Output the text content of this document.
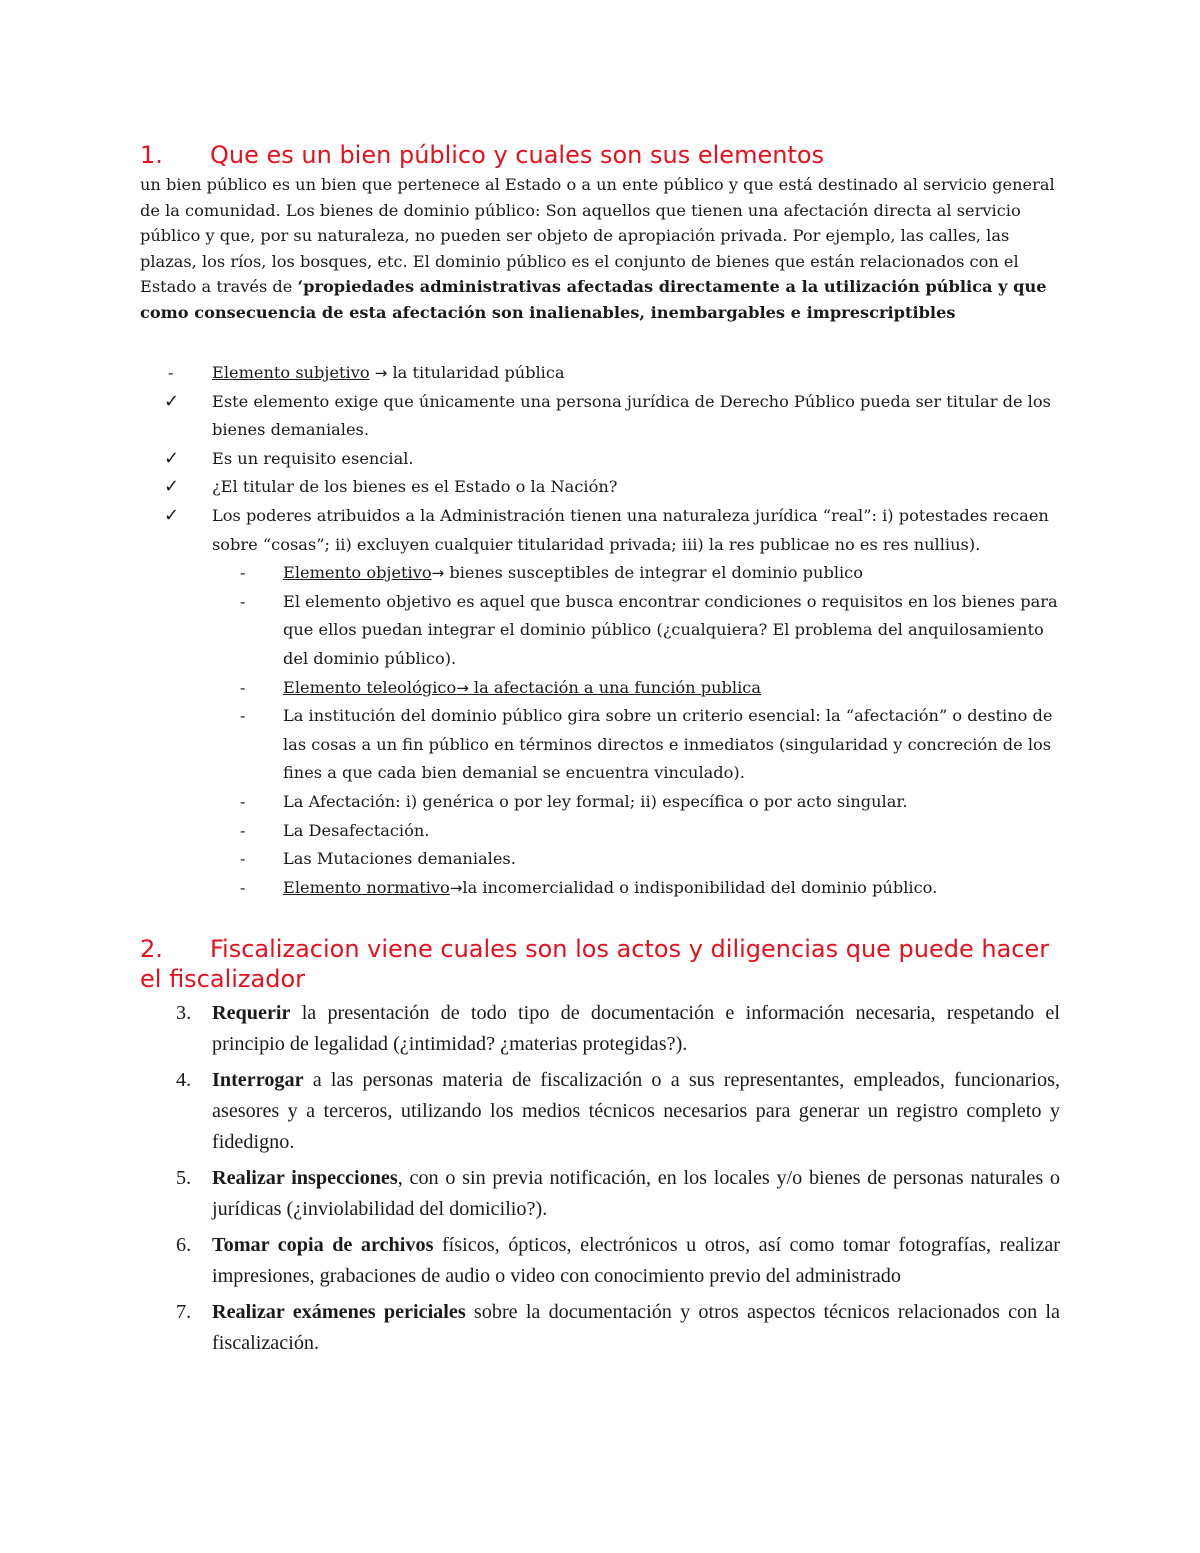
1. Que es un bien público y cuales son sus elementos

un bien público es un bien que pertenece al Estado o a un ente público y que está destinado al servicio general de la comunidad. Los bienes de dominio público: Son aquellos que tienen una afectación directa al servicio público y que, por su naturaleza, no pueden ser objeto de apropiación privada. Por ejemplo, las calles, las plazas, los ríos, los bosques, etc. El dominio público es el conjunto de bienes que están relacionados con el Estado a través de ‘propiedades administrativas afectadas directamente a la utilización pública y que como consecuencia de esta afectación son inalienables, inembargables e imprescriptibles

- Elemento subjetivo → la titularidad pública
✓ Este elemento exige que únicamente una persona jurídica de Derecho Público pueda ser titular de los bienes demaniales.
✓ Es un requisito esencial.
✓ ¿El titular de los bienes es el Estado o la Nación?
✓ Los poderes atribuidos a la Administración tienen una naturaleza jurídica “real”: i) potestades recaen sobre “cosas”; ii) excluyen cualquier titularidad privada; iii) la res publicae no es res nullius).
- Elemento objetivo→ bienes susceptibles de integrar el dominio publico
- El elemento objetivo es aquel que busca encontrar condiciones o requisitos en los bienes para que ellos puedan integrar el dominio público (¿cualquiera? El problema del anquilosamiento del dominio público).
- Elemento teleológico→ la afectación a una función publica
- La institución del dominio público gira sobre un criterio esencial: la “afectación” o destino de las cosas a un fin público en términos directos e inmediatos (singularidad y concreción de los fines a que cada bien demanial se encuentra vinculado).
- La Afectación: i) genérica o por ley formal; ii) específica o por acto singular.
- La Desafectación.
- Las Mutaciones demaniales.
- Elemento normativo→la incomercialidad o indisponibilidad del dominio público.
2. Fiscalizacion viene cuales son los actos y diligencias que puede hacer el fiscalizador
3. Requerir la presentación de todo tipo de documentación e información necesaria, respetando el principio de legalidad (¿intimidad? ¿materias protegidas?).
4. Interrogar a las personas materia de fiscalización o a sus representantes, empleados, funcionarios, asesores y a terceros, utilizando los medios técnicos necesarios para generar un registro completo y fidedigno.
5. Realizar inspecciones, con o sin previa notificación, en los locales y/o bienes de personas naturales o jurídicas (¿inviolabilidad del domicilio?).
6. Tomar copia de archivos físicos, ópticos, electrónicos u otros, así como tomar fotografías, realizar impresiones, grabaciones de audio o video con conocimiento previo del administrado
7. Realizar exámenes periciales sobre la documentación y otros aspectos técnicos relacionados con la fiscalización.
